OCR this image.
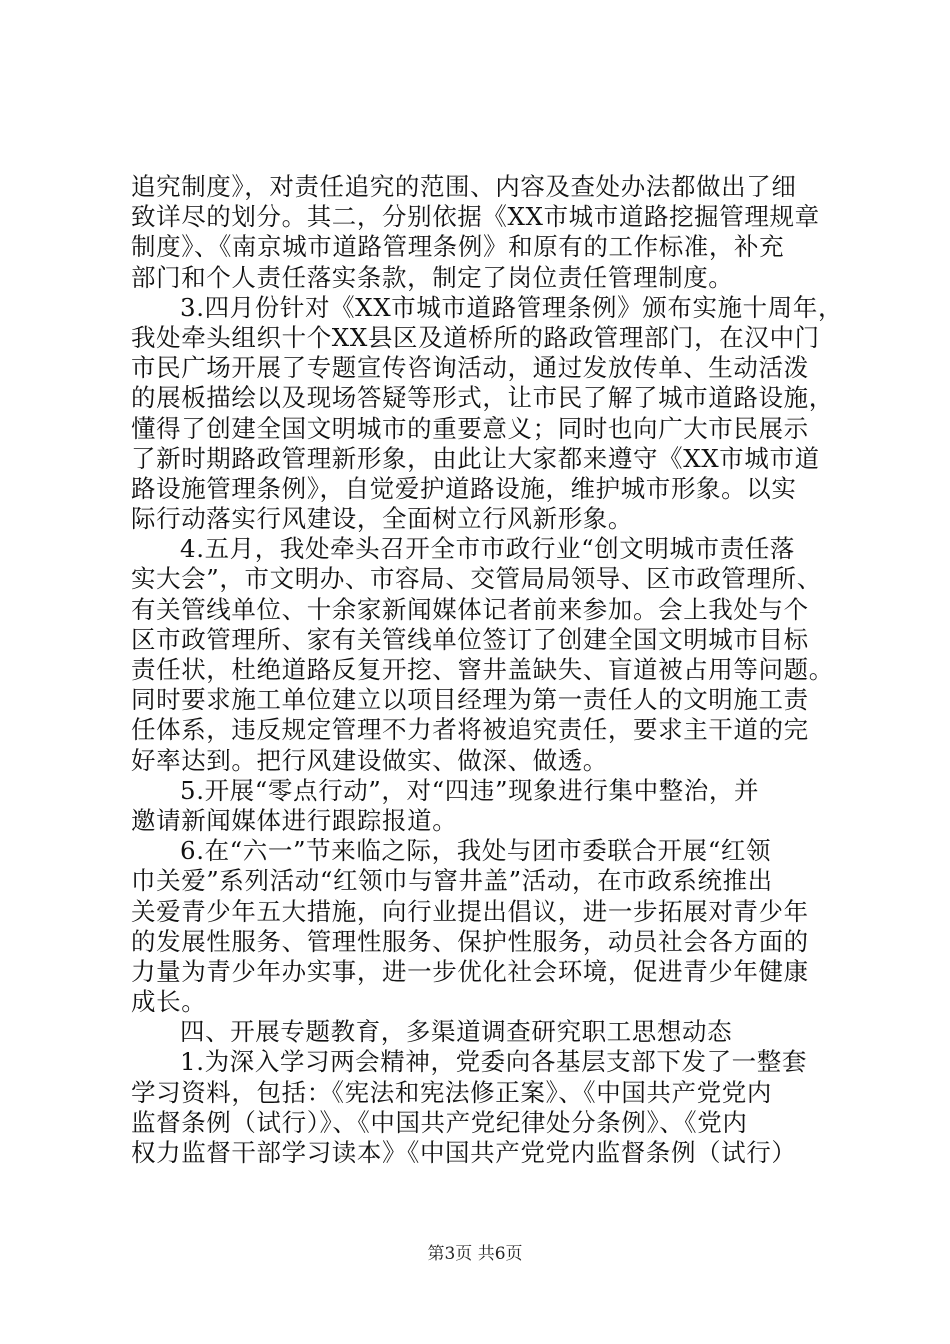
追究制度》，对责任追究的范围、内容及查处办法都做出了细
致详尽的划分。其二，分别依据《XX市城市道路挖掘管理规章
制度》、《南京城市道路管理条例》和原有的工作标准，补充
部门和个人责任落实条款，制定了岗位责任管理制度。
3.四月份针对《XX市城市道路管理条例》颁布实施十周年，
我处牵头组织十个XX县区及道桥所的路政管理部门，在汉中门
市民广场开展了专题宣传咨询活动，通过发放传单、生动活泼
的展板描绘以及现场答疑等形式，让市民了解了城市道路设施，
懂得了创建全国文明城市的重要意义；同时也向广大市民展示
了新时期路政管理新形象，由此让大家都来遵守《XX市城市道
路设施管理条例》，自觉爱护道路设施，维护城市形象。以实
际行动落实行风建设，全面树立行风新形象。
4.五月，我处牵头召开全市市政行业“创文明城市责任落
实大会”，市文明办、市容局、交管局局领导、区市政管理所、
有关管线单位、十余家新闻媒体记者前来参加。会上我处与个
区市政管理所、家有关管线单位签订了创建全国文明城市目标
责任状，杜绝道路反复开挖、窨井盖缺失、盲道被占用等问题。
同时要求施工单位建立以项目经理为第一责任人的文明施工责
任体系，违反规定管理不力者将被追究责任，要求主干道的完
好率达到。把行风建设做实、做深、做透。
5.开展“零点行动”，对“四违”现象进行集中整治，并
邀请新闻媒体进行跟踪报道。
6.在“六一”节来临之际，我处与团市委联合开展“红领
巾关爱”系列活动“红领巾与窨井盖”活动，在市政系统推出
关爱青少年五大措施，向行业提出倡议，进一步拓展对青少年
的发展性服务、管理性服务、保护性服务，动员社会各方面的
力量为青少年办实事，进一步优化社会环境，促进青少年健康
成长。
四、开展专题教育，多渠道调查研究职工思想动态
1.为深入学习两会精神，党委向各基层支部下发了一整套
学习资料，包括：《宪法和宪法修正案》、《中国共产党党内
监督条例（试行）》、《中国共产党纪律处分条例》、《党内
权力监督干部学习读本》《中国共产党党内监督条例（试行）
第3页 共6页
